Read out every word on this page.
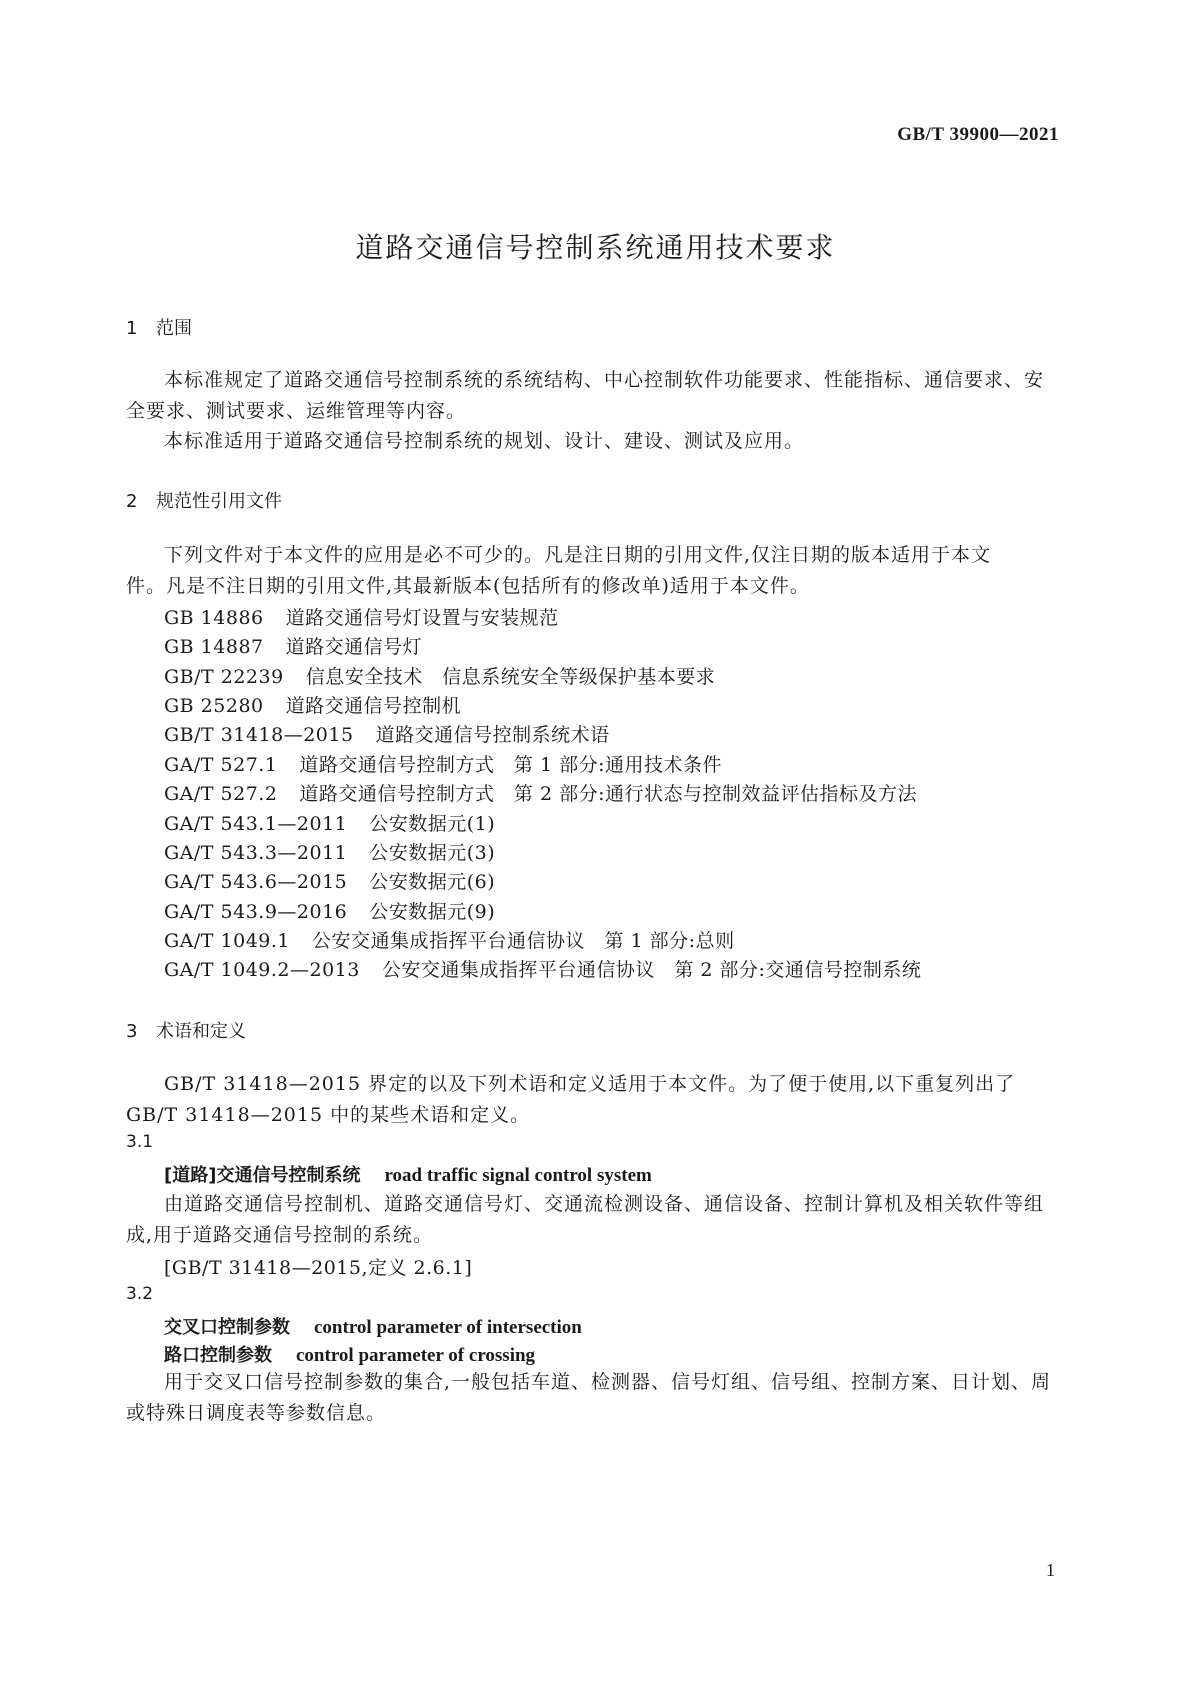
GB/T 39900—2021
道路交通信号控制系统通用技术要求
1 范围
本标准规定了道路交通信号控制系统的系统结构、中心控制软件功能要求、性能指标、通信要求、安
全要求、测试要求、运维管理等内容。
本标准适用于道路交通信号控制系统的规划、设计、建设、测试及应用。
2 规范性引用文件
下列文件对于本文件的应用是必不可少的。凡是注日期的引用文件,仅注日期的版本适用于本文
件。凡是不注日期的引用文件,其最新版本(包括所有的修改单)适用于本文件。
GB 14886 道路交通信号灯设置与安装规范
GB 14887 道路交通信号灯
GB/T 22239 信息安全技术　信息系统安全等级保护基本要求
GB 25280 道路交通信号控制机
GB/T 31418—2015 道路交通信号控制系统术语
GA/T 527.1 道路交通信号控制方式　第 1 部分:通用技术条件
GA/T 527.2 道路交通信号控制方式　第 2 部分:通行状态与控制效益评估指标及方法
GA/T 543.1—2011 公安数据元(1)
GA/T 543.3—2011 公安数据元(3)
GA/T 543.6—2015 公安数据元(6)
GA/T 543.9—2016 公安数据元(9)
GA/T 1049.1 公安交通集成指挥平台通信协议　第 1 部分:总则
GA/T 1049.2—2013 公安交通集成指挥平台通信协议　第 2 部分:交通信号控制系统
3 术语和定义
GB/T 31418—2015 界定的以及下列术语和定义适用于本文件。为了便于使用,以下重复列出了
GB/T 31418—2015 中的某些术语和定义。
3.1
[道路]交通信号控制系统 road traffic signal control system
由道路交通信号控制机、道路交通信号灯、交通流检测设备、通信设备、控制计算机及相关软件等组
成,用于道路交通信号控制的系统。
[GB/T 31418—2015,定义 2.6.1]
3.2
交叉口控制参数 control parameter of intersection
路口控制参数 control parameter of crossing
用于交叉口信号控制参数的集合,一般包括车道、检测器、信号灯组、信号组、控制方案、日计划、周
或特殊日调度表等参数信息。
1
